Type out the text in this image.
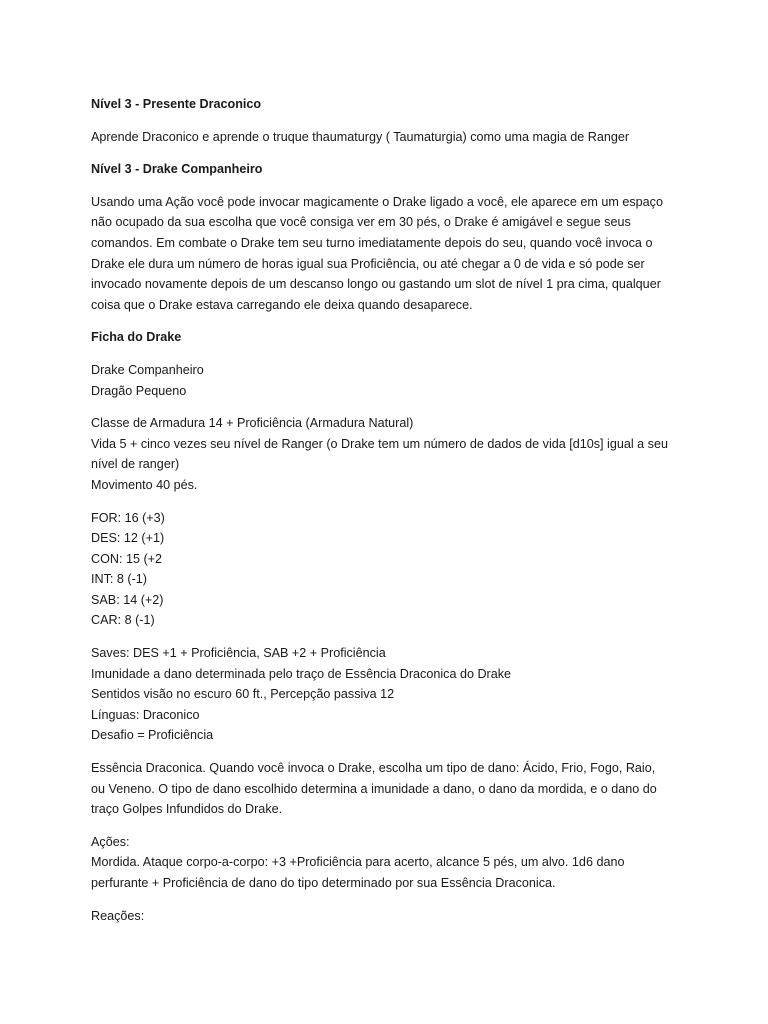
Nível 3 - Presente Draconico

Aprende Draconico e aprende o truque thaumaturgy ( Taumaturgia) como uma magia de Ranger

Nível 3 - Drake Companheiro

Usando uma Ação você pode invocar magicamente o Drake ligado a você, ele aparece em um espaço não ocupado da sua escolha que você consiga ver em 30 pés, o Drake é amigável e segue seus comandos. Em combate o Drake tem seu turno imediatamente depois do seu, quando você invoca o Drake ele dura um número de horas igual sua Proficiência, ou até chegar a 0 de vida e só pode ser invocado novamente depois de um descanso longo ou gastando um slot de nível 1 pra cima, qualquer coisa que o Drake estava carregando ele deixa quando desaparece.

Ficha do Drake

Drake Companheiro
Dragão Pequeno
Classe de Armadura 14 + Proficiência (Armadura Natural)
Vida 5 + cinco vezes seu nível de Ranger (o Drake tem um número de dados de vida [d10s] igual a seu nível de ranger)
Movimento 40 pés.
FOR: 16 (+3)
DES: 12 (+1)
CON: 15 (+2
INT: 8 (-1)
SAB: 14 (+2)
CAR: 8 (-1)
Saves: DES +1 + Proficiência, SAB +2 + Proficiência
Imunidade a dano determinada pelo traço de Essência Draconica do Drake
Sentidos visão no escuro 60 ft., Percepção passiva 12
Línguas: Draconico
Desafio = Proficiência

Essência Draconica. Quando você invoca o Drake, escolha um tipo de dano: Ácido, Frio, Fogo, Raio, ou Veneno. O tipo de dano escolhido determina a imunidade a dano, o dano da mordida, e o dano do traço Golpes Infundidos do Drake.

Ações:
Mordida. Ataque corpo-a-corpo: +3 +Proficiência para acerto, alcance 5 pés, um alvo. 1d6 dano perfurante + Proficiência de dano do tipo determinado por sua Essência Draconica.

Reações:
